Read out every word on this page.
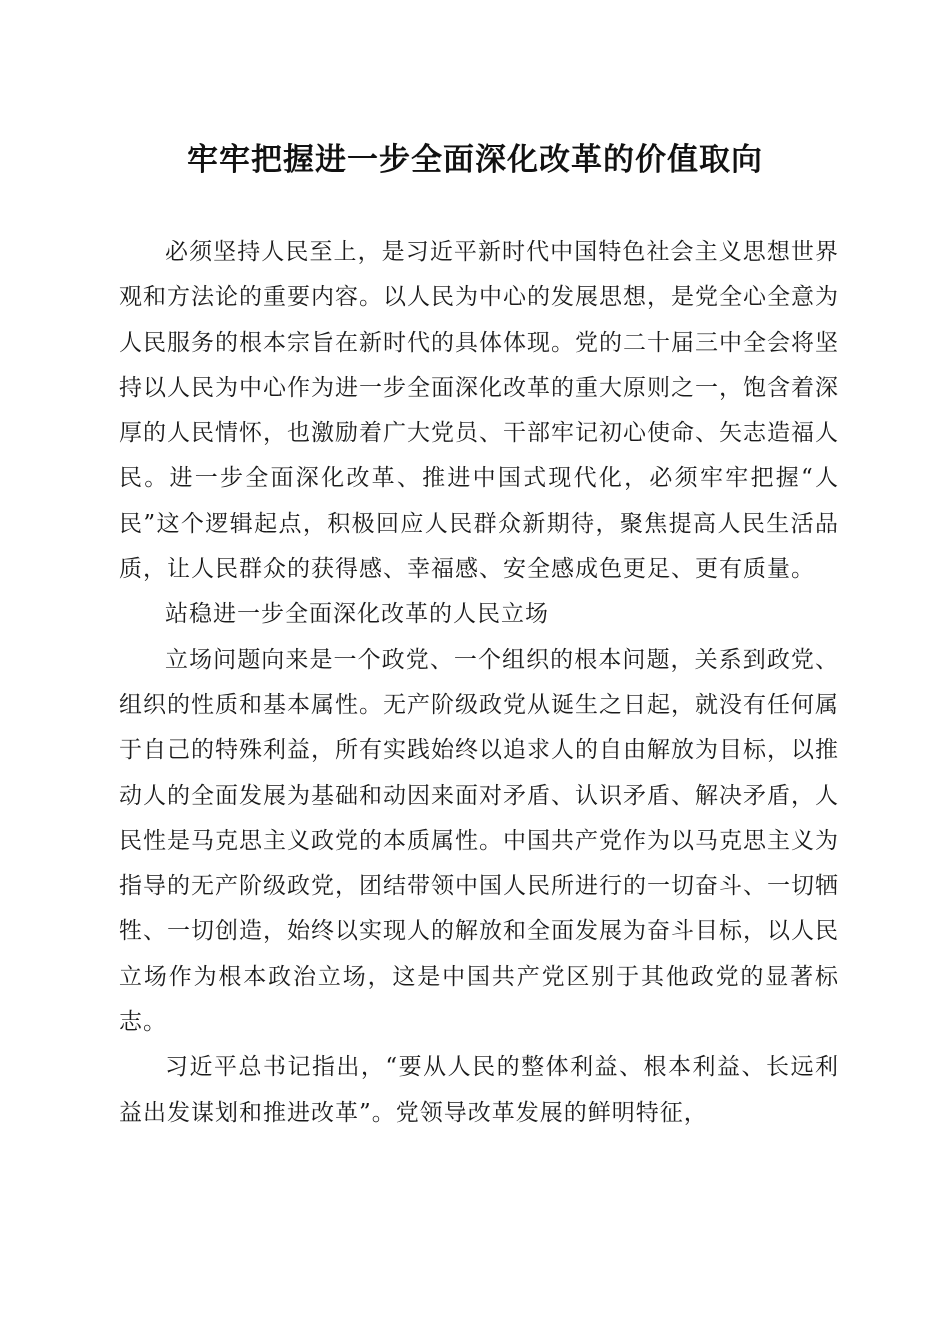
牢牢把握进一步全面深化改革的价值取向

必须坚持人民至上，是习近平新时代中国特色社会主义思想世界观和方法论的重要内容。以人民为中心的发展思想，是党全心全意为人民服务的根本宗旨在新时代的具体体现。党的二十届三中全会将坚持以人民为中心作为进一步全面深化改革的重大原则之一，饱含着深厚的人民情怀，也激励着广大党员、干部牢记初心使命、矢志造福人民。进一步全面深化改革、推进中国式现代化，必须牢牢把握“人民”这个逻辑起点，积极回应人民群众新期待，聚焦提高人民生活品质，让人民群众的获得感、幸福感、安全感成色更足、更有质量。

站稳进一步全面深化改革的人民立场

立场问题向来是一个政党、一个组织的根本问题，关系到政党、组织的性质和基本属性。无产阶级政党从诞生之日起，就没有任何属于自己的特殊利益，所有实践始终以追求人的自由解放为目标，以推动人的全面发展为基础和动因来面对矛盾、认识矛盾、解决矛盾，人民性是马克思主义政党的本质属性。中国共产党作为以马克思主义为指导的无产阶级政党，团结带领中国人民所进行的一切奋斗、一切牺牲、一切创造，始终以实现人的解放和全面发展为奋斗目标，以人民立场作为根本政治立场，这是中国共产党区别于其他政党的显著标志。

习近平总书记指出，“要从人民的整体利益、根本利益、长远利益出发谋划和推进改革”。党领导改革发展的鲜明特征，
